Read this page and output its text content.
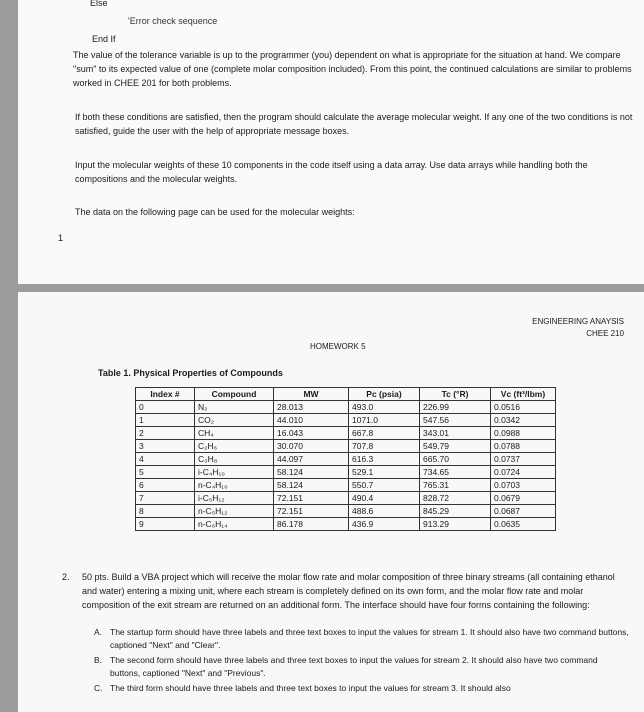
Else
'Error check sequence
End If
The value of the tolerance variable is up to the programmer (you) dependent on what is appropriate for the situation at hand. We compare "sum" to its expected value of one (complete molar composition included). From this point, the continued calculations are similar to problems worked in CHEE 201 for both problems.
If both these conditions are satisfied, then the program should calculate the average molecular weight. If any one of the two conditions is not satisfied, guide the user with the help of appropriate message boxes.
Input the molecular weights of these 10 components in the code itself using a data array. Use data arrays while handling both the compositions and the molecular weights.
The data on the following page can be used for the molecular weights:
1
ENGINEERING ANAYSIS
CHEE 210
HOMEWORK 5
Table 1. Physical Properties of Compounds
Index #	Compound	MW	Pc (psia)	Tc (°R)	Vc (ft³/lbm)
0	N₂	28.013	493.0	226.99	0.0516
1	CO₂	44.010	1071.0	547.56	0.0342
2	CH₄	16.043	667.8	343.01	0.0988
3	C₂H₆	30.070	707.8	549.79	0.0788
4	C₃H₈	44.097	616.3	665.70	0.0737
5	i-C₄H₁₀	58.124	529.1	734.65	0.0724
6	n-C₄H₁₀	58.124	550.7	765.31	0.0703
7	i-C₅H₁₂	72.151	490.4	828.72	0.0679
8	n-C₅H₁₂	72.151	488.6	845.29	0.0687
9	n-C₆H₁₄	86.178	436.9	913.29	0.0635
2. 50 pts. Build a VBA project which will receive the molar flow rate and molar composition of three binary streams (all containing ethanol and water) entering a mixing unit, where each stream is completely defined on its own form, and the molar flow rate and molar composition of the exit stream are returned on an additional form. The interface should have four forms containing the following:
A. The startup form should have three labels and three text boxes to input the values for stream 1. It should also have two command buttons, captioned "Next" and "Clear".
B. The second form should have three labels and three text boxes to input the values for stream 2. It should also have two command buttons, captioned "Next" and "Previous".
C. The third form should have three labels and three text boxes to input the values for stream 3. It should also
